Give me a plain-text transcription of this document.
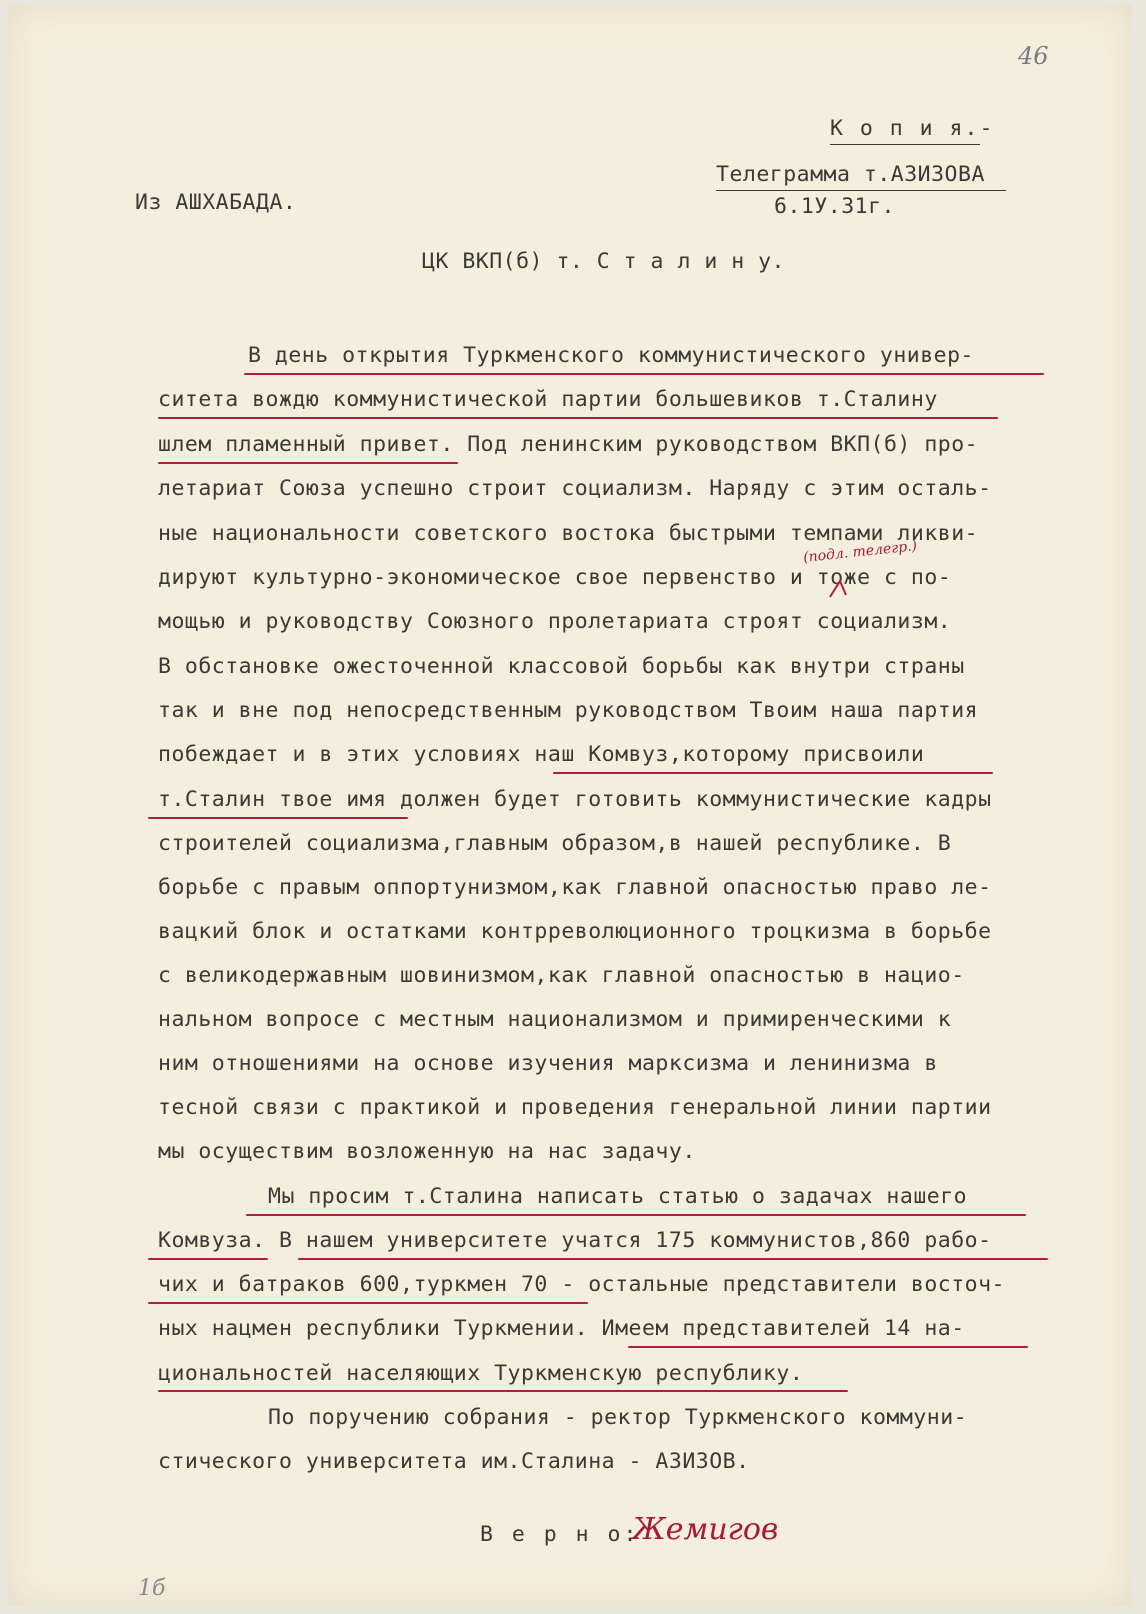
46
К о п и я.-
Телеграмма т.АЗИЗОВА
Из АШХАБАДА.	6.1У.31г.
ЦК ВКП(б) т. С т а л и н у.
В день открытия Туркменского коммунистического универ-
ситета вождю коммунистической партии большевиков т.Сталину
шлем пламенный привет. Под ленинским руководством ВКП(б) про-
летариат Союза успешно строит социализм. Наряду с этим осталь-
ные национальности советского востока быстрыми темпами ликви-
дируют культурно-экономическое свое первенство и тоже с по-
мощью и руководству Союзного пролетариата строят социализм.
В обстановке ожесточенной классовой борьбы как внутри страны
так и вне под непосредственным руководством Твоим наша партия
побеждает и в этих условиях наш Комвуз,которому присвоили
т.Сталин твое имя должен будет готовить коммунистические кадры
строителей социализма,главным образом,в нашей республике. В
борьбе с правым оппортунизмом,как главной опасностью право ле-
вацкий блок и остатками контрреволюционного троцкизма в борьбе
с великодержавным шовинизмом,как главной опасностью в нацио-
нальном вопросе с местным национализмом и примиренческими к
ним отношениями на основе изучения марксизма и ленинизма в
тесной связи с практикой и проведения генеральной линии партии
мы осуществим возложенную на нас задачу.
Мы просим т.Сталина написать статью о задачах нашего
Комвуза. В нашем университете учатся 175 коммунистов,860 рабо-
чих и батраков 600,туркмен 70 - остальные представители восточ-
ных нацмен республики Туркмении. Имеем представителей 14 на-
циональностей населяющих Туркменскую республику.
По поручению собрания - ректор Туркменского коммуни-
стического университета им.Сталина - АЗИЗОВ.
(подл. телегр.)
В е р н о:
Жемигов
1б
